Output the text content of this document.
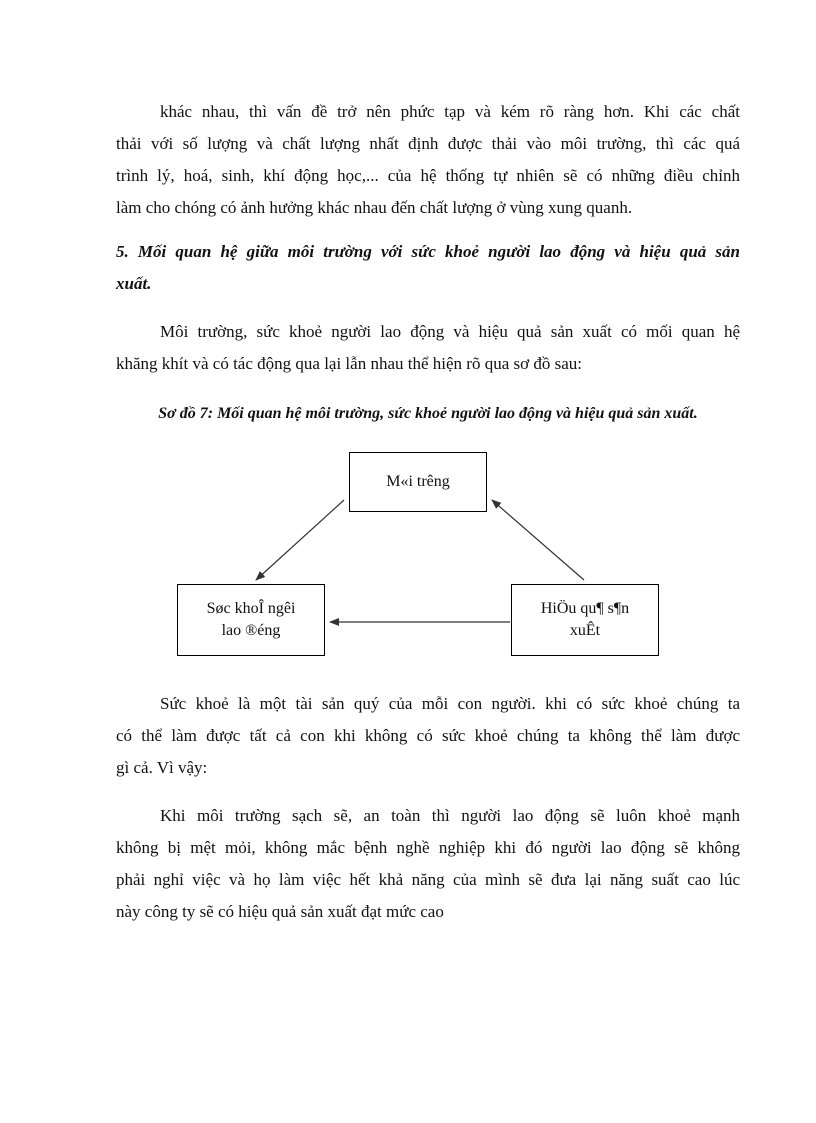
khác nhau, thì vấn đề trở nên phức tạp và kém rõ ràng hơn. Khi các chất
thải với số lượng và chất lượng nhất định được thải vào môi trường, thì các quá
trình lý, hoá, sinh, khí động học,... của hệ thống tự nhiên sẽ có những điều chỉnh
làm cho chóng có ảnh hưởng khác nhau đến chất lượng ở vùng xung quanh.
5. Mối quan hệ giữa môi trường với sức khoẻ người lao động và hiệu quả sản
xuất.
Môi trường, sức khoẻ người lao động và hiệu quả sản xuất có mối quan hệ
khăng khít và có tác động qua lại lẫn nhau thể hiện rõ qua sơ đồ sau:
Sơ đồ 7: Mối quan hệ môi trường, sức khoẻ người lao động và hiệu quả sản xuất.
M«i trêng
Søc khoÎ ngêi
lao ®éng
HiÖu qu¶ s¶n
xuÊt
Sức khoẻ là một tài sản quý của mỗi con người. khi có sức khoẻ chúng ta
có thể làm được tất cả con khi không có sức khoẻ chúng ta không thể làm được
gì cả. Vì vậy:
Khi môi trường sạch sẽ, an toàn thì người lao động sẽ luôn khoẻ mạnh
không bị mệt mỏi, không mắc bệnh nghề nghiệp khi đó người lao động sẽ không
phải nghỉ việc và họ làm việc hết khả năng của mình sẽ đưa lại năng suất cao lúc
này công ty sẽ có hiệu quả sản xuất đạt mức cao
